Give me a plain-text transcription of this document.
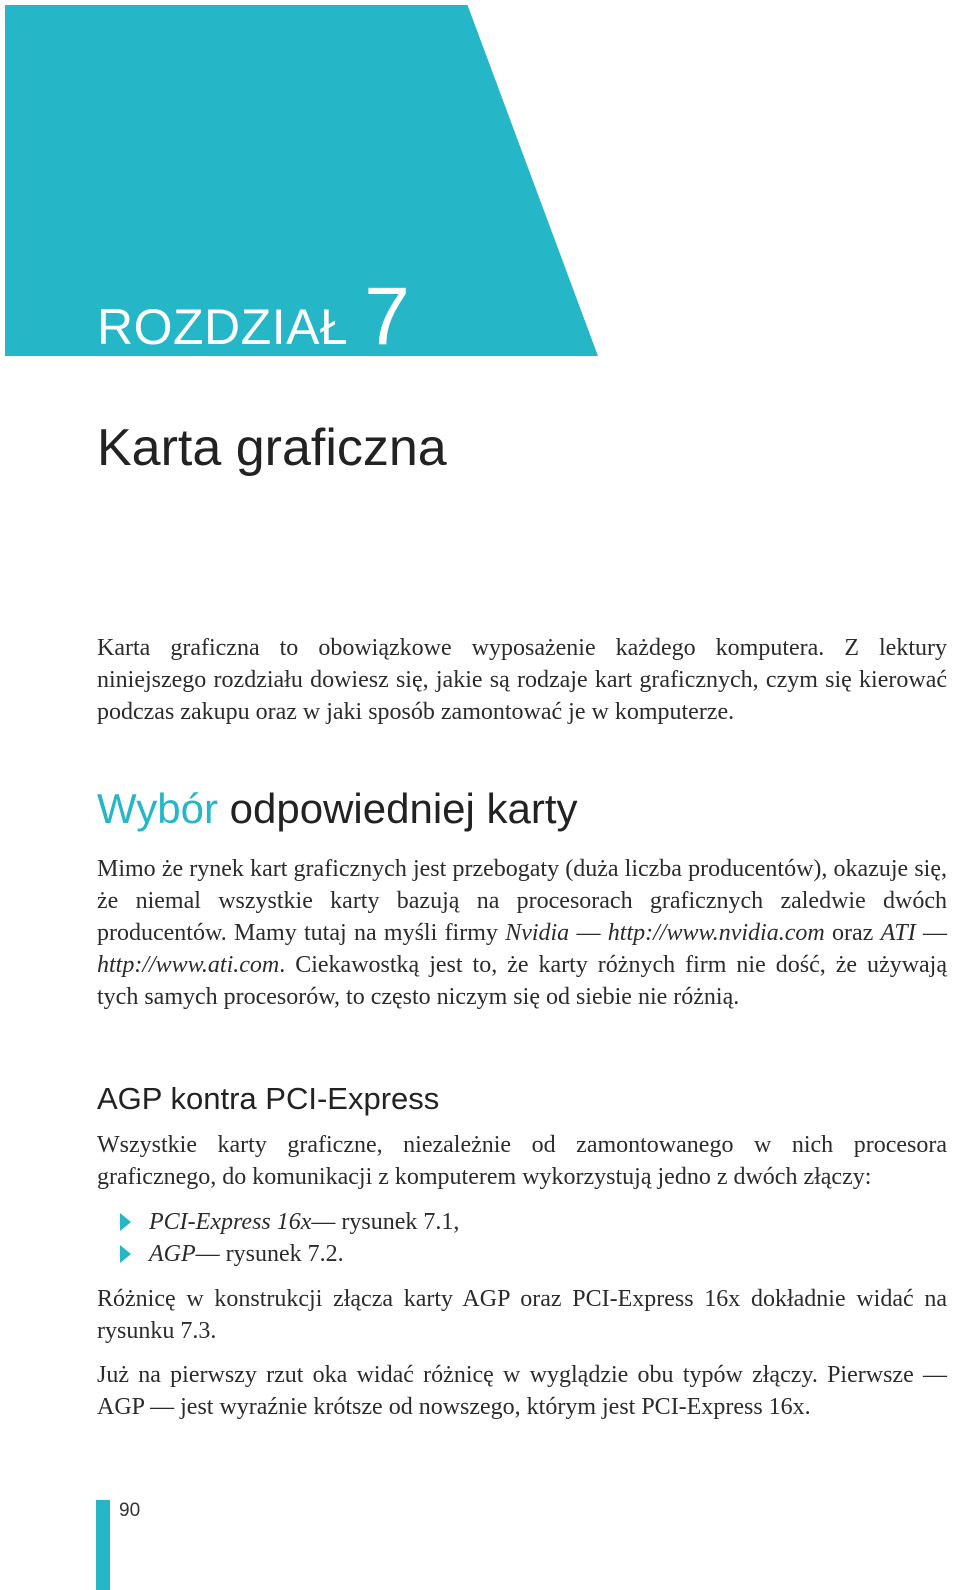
ROZDZIAŁ 7
Karta graficzna

Karta graficzna to obowiązkowe wyposażenie każdego komputera. Z lektury niniejszego rozdziału dowiesz się, jakie są rodzaje kart graficznych, czym się kierować podczas zakupu oraz w jaki sposób zamontować je w komputerze.

Wybór odpowiedniej karty

Mimo że rynek kart graficznych jest przebogaty (duża liczba producentów), okazuje się, że niemal wszystkie karty bazują na procesorach graficznych zaledwie dwóch producentów. Mamy tutaj na myśli firmy Nvidia — http://www.nvidia.com oraz ATI — http://www.ati.com. Ciekawostką jest to, że karty różnych firm nie dość, że używają tych samych procesorów, to często niczym się od siebie nie różnią.

AGP kontra PCI-Express

Wszystkie karty graficzne, niezależnie od zamontowanego w nich procesora graficznego, do komunikacji z komputerem wykorzystują jedno z dwóch złączy:

PCI-Express 16x — rysunek 7.1,
AGP — rysunek 7.2.

Różnicę w konstrukcji złącza karty AGP oraz PCI-Express 16x dokładnie widać na rysunku 7.3.

Już na pierwszy rzut oka widać różnicę w wyglądzie obu typów złączy. Pierwsze — AGP — jest wyraźnie krótsze od nowszego, którym jest PCI-Express 16x.

90
